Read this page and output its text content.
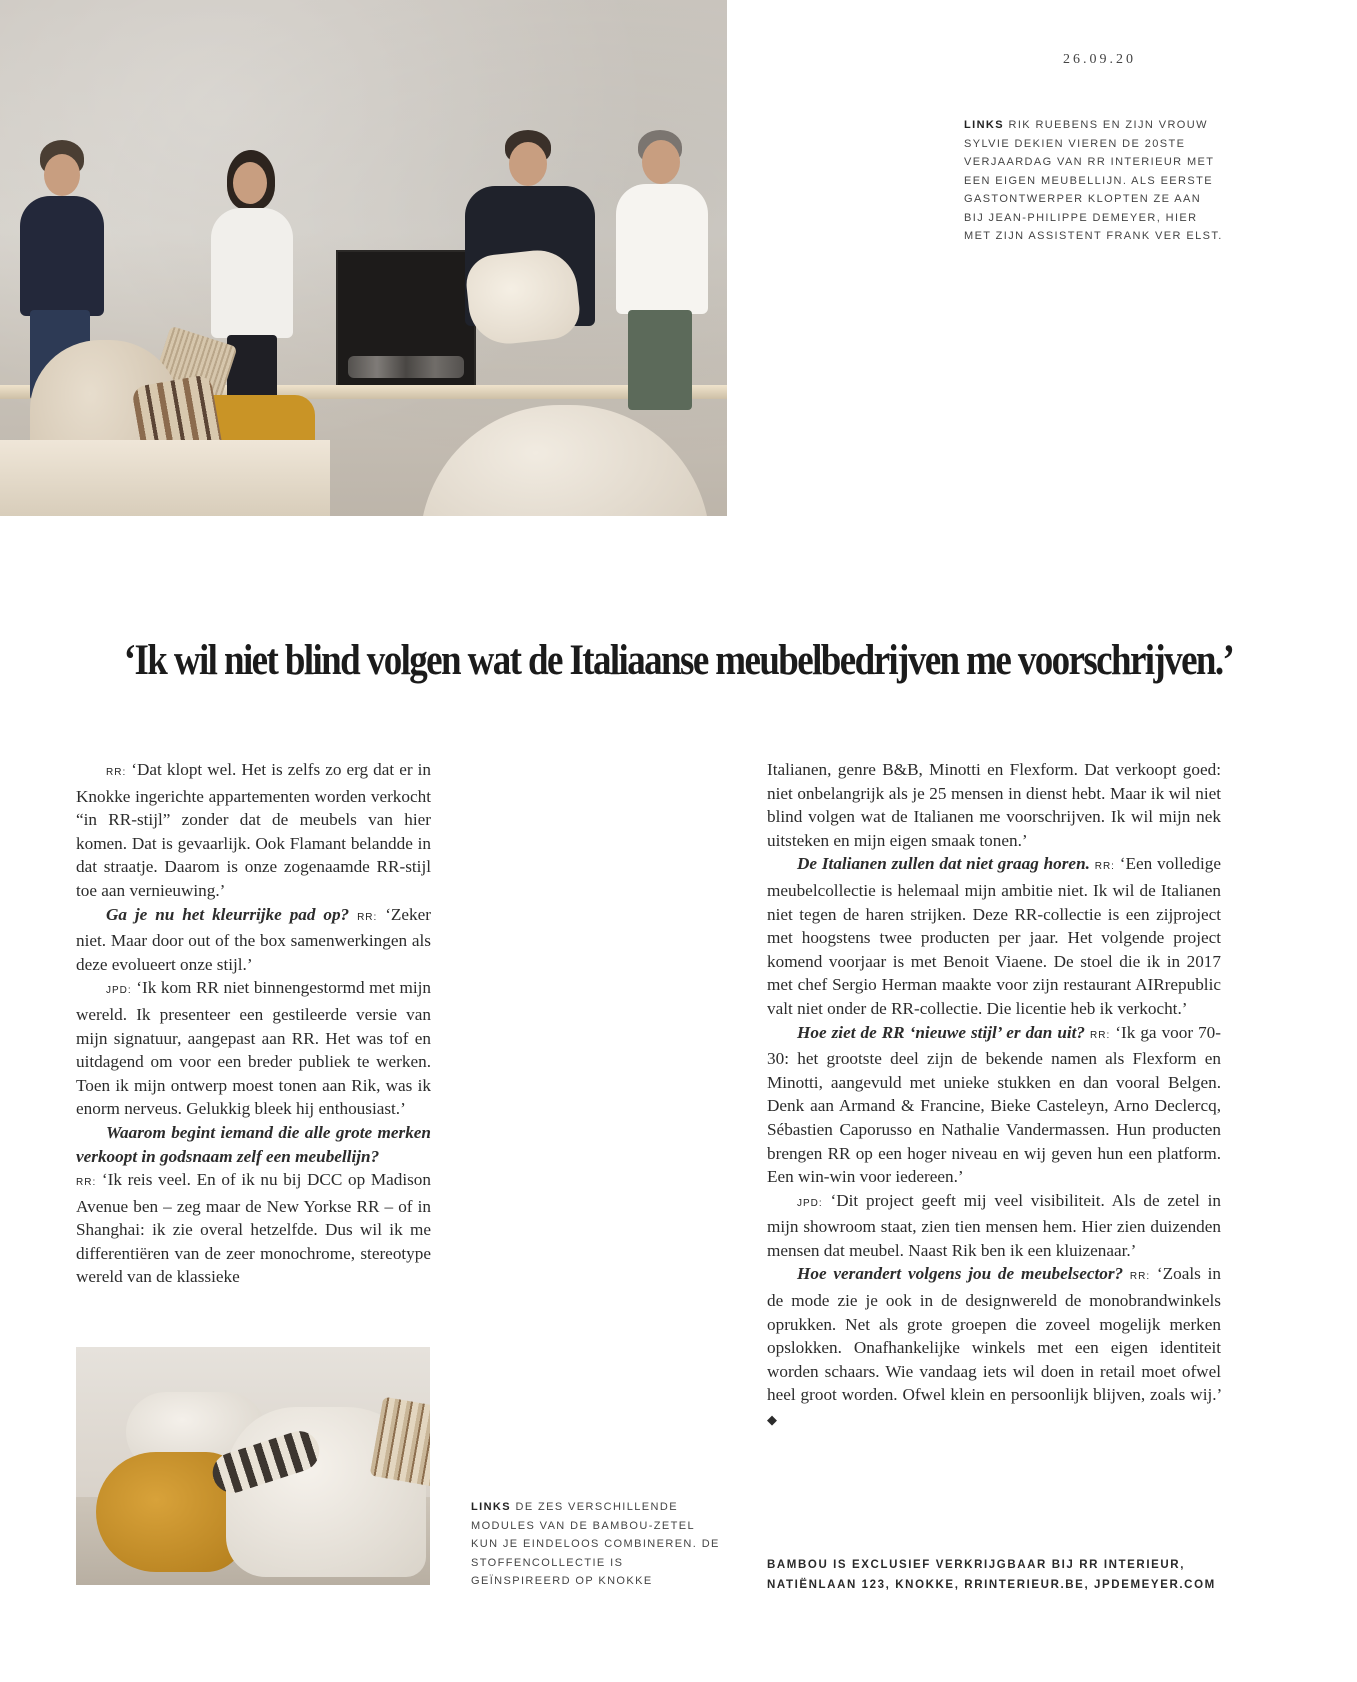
26.09.20
LINKS RIK RUEBENS EN ZIJN VROUW SYLVIE DEKIEN VIEREN DE 20STE VERJAARDAG VAN RR INTERIEUR MET EEN EIGEN MEUBELLIJN. ALS EERSTE GASTONTWERPER KLOPTEN ZE AAN BIJ JEAN-PHILIPPE DEMEYER, HIER MET ZIJN ASSISTENT FRANK VER ELST.
‘Ik wil niet blind volgen wat de Italiaanse meubelbedrijven me voorschrijven.’

RR: ‘Dat klopt wel. Het is zelfs zo erg dat er in Knokke ingerichte appartementen worden verkocht “in RR-stijl” zonder dat de meubels van hier komen. Dat is gevaarlijk. Ook Flamant belandde in dat straatje. Daarom is onze zogenaamde RR-stijl toe aan vernieuwing.’

Ga je nu het kleurrijke pad op? RR: ‘Zeker niet. Maar door out of the box samenwerkingen als deze evolueert onze stijl.’

JPD: ‘Ik kom RR niet binnengestormd met mijn wereld. Ik presenteer een gestileerde versie van mijn signatuur, aangepast aan RR. Het was tof en uitdagend om voor een breder publiek te werken. Toen ik mijn ontwerp moest tonen aan Rik, was ik enorm nerveus. Gelukkig bleek hij enthousiast.’

Waarom begint iemand die alle grote merken verkoopt in godsnaam zelf een meubellijn?

RR: ‘Ik reis veel. En of ik nu bij DCC op Madison Avenue ben – zeg maar de New Yorkse RR – of in Shanghai: ik zie overal hetzelfde. Dus wil ik me differentiëren van de zeer monochrome, stereotype wereld van de klassieke

Italianen, genre B&B, Minotti en Flexform. Dat verkoopt goed: niet onbelangrijk als je 25 mensen in dienst hebt. Maar ik wil niet blind volgen wat de Italianen me voorschrijven. Ik wil mijn nek uitsteken en mijn eigen smaak tonen.’

De Italianen zullen dat niet graag horen. RR: ‘Een volledige meubelcollectie is helemaal mijn ambitie niet. Ik wil de Italianen niet tegen de haren strijken. Deze RR-collectie is een zijproject met hoogstens twee producten per jaar. Het volgende project komend voorjaar is met Benoit Viaene. De stoel die ik in 2017 met chef Sergio Herman maakte voor zijn restaurant AIRrepublic valt niet onder de RR-collectie. Die licentie heb ik verkocht.’

Hoe ziet de RR ‘nieuwe stijl’ er dan uit? RR: ‘Ik ga voor 70-30: het grootste deel zijn de bekende namen als Flexform en Minotti, aangevuld met unieke stukken en dan vooral Belgen. Denk aan Armand & Francine, Bieke Casteleyn, Arno Declercq, Sébastien Caporusso en Nathalie Vandermassen. Hun producten brengen RR op een hoger niveau en wij geven hun een platform. Een win-win voor iedereen.’

JPD: ‘Dit project geeft mij veel visibiliteit. Als de zetel in mijn showroom staat, zien tien mensen hem. Hier zien duizenden mensen dat meubel. Naast Rik ben ik een kluizenaar.’

Hoe verandert volgens jou de meubelsector? RR: ‘Zoals in de mode zie je ook in de designwereld de monobrandwinkels oprukken. Net als grote groepen die zoveel mogelijk merken opslokken. Onafhankelijke winkels met een eigen identiteit worden schaars. Wie vandaag iets wil doen in retail moet ofwel heel groot worden. Ofwel klein en persoonlijk blijven, zoals wij.’ ◆

LINKS DE ZES VERSCHILLENDE MODULES VAN DE BAMBOU-ZETEL KUN JE EINDELOOS COMBINEREN. DE STOFFENCOLLECTIE IS GEÏNSPIREERD OP KNOKKE
BAMBOU IS EXCLUSIEF VERKRIJGBAAR BIJ RR INTERIEUR,
NATIËNLAAN 123, KNOKKE, RRINTERIEUR.BE, JPDEMEYER.COM
